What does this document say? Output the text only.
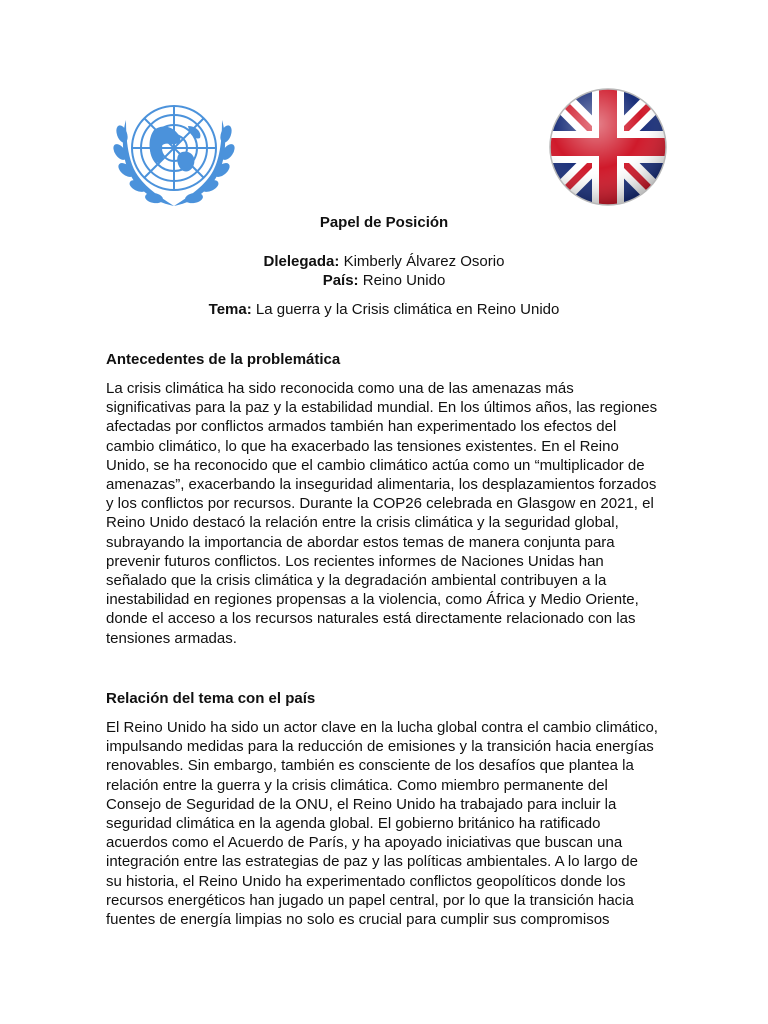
Papel de Posición
Dlelegada: Kimberly Álvarez Osorio
País: Reino Unido
Tema: La guerra y la Crisis climática en Reino Unido
Antecedentes de la problemática
La crisis climática ha sido reconocida como una de las amenazas más
significativas para la paz y la estabilidad mundial. En los últimos años, las regiones
afectadas por conflictos armados también han experimentado los efectos del
cambio climático, lo que ha exacerbado las tensiones existentes. En el Reino
Unido, se ha reconocido que el cambio climático actúa como un “multiplicador de
amenazas”, exacerbando la inseguridad alimentaria, los desplazamientos forzados
y los conflictos por recursos. Durante la COP26 celebrada en Glasgow en 2021, el
Reino Unido destacó la relación entre la crisis climática y la seguridad global,
subrayando la importancia de abordar estos temas de manera conjunta para
prevenir futuros conflictos. Los recientes informes de Naciones Unidas han
señalado que la crisis climática y la degradación ambiental contribuyen a la
inestabilidad en regiones propensas a la violencia, como África y Medio Oriente,
donde el acceso a los recursos naturales está directamente relacionado con las
tensiones armadas.
Relación del tema con el país
El Reino Unido ha sido un actor clave en la lucha global contra el cambio climático,
impulsando medidas para la reducción de emisiones y la transición hacia energías
renovables. Sin embargo, también es consciente de los desafíos que plantea la
relación entre la guerra y la crisis climática. Como miembro permanente del
Consejo de Seguridad de la ONU, el Reino Unido ha trabajado para incluir la
seguridad climática en la agenda global. El gobierno británico ha ratificado
acuerdos como el Acuerdo de París, y ha apoyado iniciativas que buscan una
integración entre las estrategias de paz y las políticas ambientales. A lo largo de
su historia, el Reino Unido ha experimentado conflictos geopolíticos donde los
recursos energéticos han jugado un papel central, por lo que la transición hacia
fuentes de energía limpias no solo es crucial para cumplir sus compromisos
